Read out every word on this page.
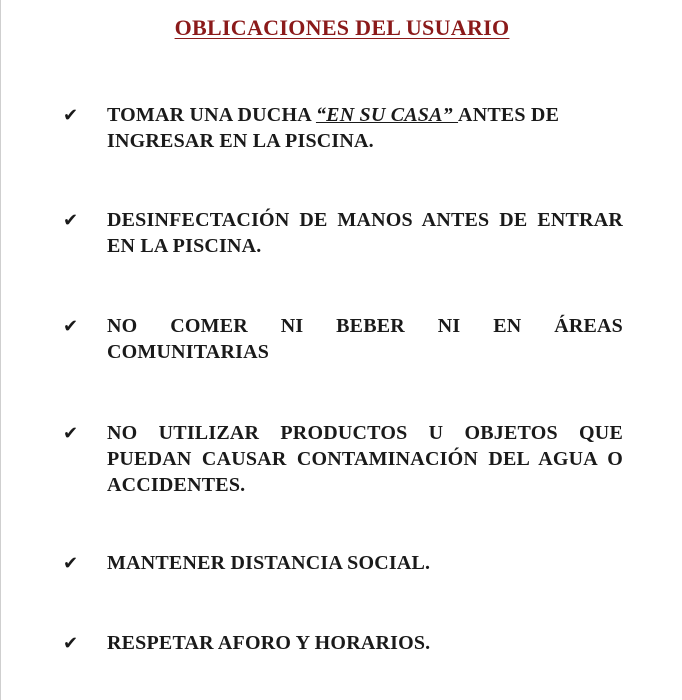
OBLICACIONES DEL USUARIO
✔ TOMAR UNA DUCHA “EN SU CASA” ANTES DE INGRESAR EN LA PISCINA.
✔ DESINFECTACIÓN DE MANOS ANTES DE ENTRAR EN LA PISCINA.
✔ NO COMER NI BEBER NI EN ÁREAS COMUNITARIAS
✔ NO UTILIZAR PRODUCTOS U OBJETOS QUE PUEDAN CAUSAR CONTAMINACIÓN DEL AGUA O ACCIDENTES.
✔ MANTENER DISTANCIA SOCIAL.
✔ RESPETAR AFORO Y HORARIOS.
